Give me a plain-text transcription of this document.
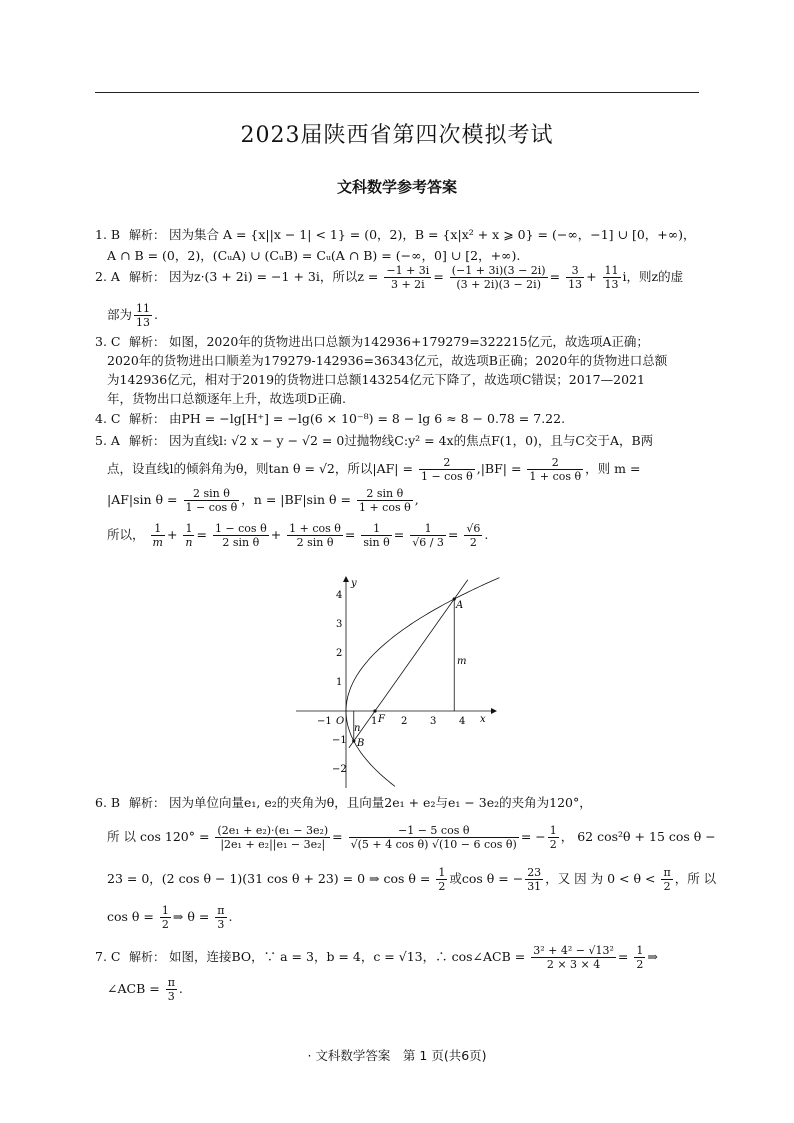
2023届陕西省第四次模拟考试
文科数学参考答案
1. B 解析： 因为集合 A = {x||x − 1| < 1} = (0，2)，B = {x|x² + x ⩾ 0} = (−∞，−1] ∪ [0，+∞)，
A ∩ B = (0，2)，(CᵤA) ∪ (CᵤB) = Cᵤ(A ∩ B) = (−∞，0] ∪ [2，+∞).
2. A 解析： 因为z·(3 + 2i) = −1 + 3i，所以$z = \frac{-1 + 3i}{3 + 2i} = \frac{(-1 + 3i)(3 - 2i)}{(3 + 2i)(3 - 2i)} = \frac{3}{13} + \frac{11}{13}$ i，则z的虚
部为 $\frac{11}{13}$ .
3. C 解析： 如图，2020年的货物进出口总额为142936+179279=322215亿元，故选项A正确；
2020年的货物进出口顺差为179279-142936=36343亿元，故选项B正确；2020年的货物进口总额
为142936亿元，相对于2019的货物进口总额143254亿元下降了，故选项C错误；2017—2021
年，货物出口总额逐年上升，故选项D正确.
4. C 解析： 由PH = −lg[H⁺] = −lg(6 × 10⁻⁸) = 8 − lg 6 ≈ 8 − 0.78 = 7.22.
5. A 解析： 因为直线l: √2 x − y − √2 = 0过抛物线C:y² = 4x的焦点F(1，0)，且与C交于A，B两
点，设直线l的倾斜角为θ，则tan θ = √2，所以$|AF| = \frac{2}{\text{1 − cos θ}} ,|BF| = \frac{2}{\text{1 + cos θ}}$ ，则 m =
|AF|sin $\theta = \frac{\text{2 sin θ}}{\text{1 − cos θ}}$ ，n = |BF|sin $\theta = \frac{\text{2 sin θ}}{\text{1 + cos θ}}$ ,
所以， $\frac{1}{m} + \frac{1}{n} = \frac{\text{1 − cos θ}}{\text{2 sin θ}} + \frac{\text{1 + cos θ}}{\text{2 sin θ}} = \frac{1}{\text{sin θ}} = \frac{1}{√6 / 3} = \frac{√6}{2}$ .
−1 O	1 2 3 4
4
3
2
1
−1
−2
x
y
A
B
F
m
n
6. B 解析： 因为单位向量e₁, e₂的夹角为θ，且向量2e₁ + e₂与e₁ − 3e₂的夹角为120°，
所 以 $\cos 120^\circ = \frac{\text{(2e₁ + e₂)·(e₁ − 3e₂)}}{\text{|2e₁ + e₂||e₁ − 3e₂|}} = \frac{\text{−1 − 5 cos θ}}{\text{√(5 + 4 cos θ) √(10 − 6 cos θ)}}$ = − $\frac{1}{2}$ ， 62 cos²θ + 15 cos θ −
23 = 0，(2 cos θ − 1)(31 cos θ + 23) = 0 ⇒ $\cos \theta = \frac{1}{2}$ 或cos θ = − $\frac{23}{31}$ ，又 因 为 $0 < \theta < \frac{\pi}{2}$ ，所 以
$\cos \theta = \frac{1}{2}$ ⇒ $\theta = \frac{\pi}{3}$ .
7. C 解析： 如图，连接BO，∵ a = 3，b = 4，c = √13，∴ cos∠ACB = $\frac{\text{3² + 4² − √13²}}{2 \times 3 \times 4} = \frac{1}{2}$ ⇒
∠ACB = $\frac{\pi}{3}$ .
· 文科数学答案　第 1 页(共6页)
